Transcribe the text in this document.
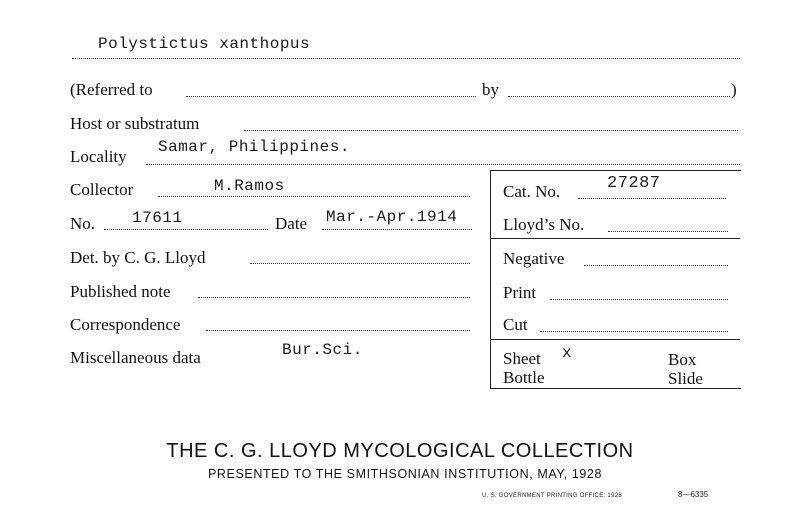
Polystictus xanthopus
(Referred to	by	)
Host or substratum
Locality Samar, Philippines.
Collector	M.Ramos
No. 17611	Date Mar.-Apr.1914
Det. by C. G. Lloyd
Published note
Correspondence
Miscellaneous data	Bur.Sci.
Cat. No.	27287
Lloyd’s No.
Negative
Print
Cut
Sheet x	Box
Bottle	Slide
THE C. G. LLOYD MYCOLOGICAL COLLECTION
PRESENTED TO THE SMITHSONIAN INSTITUTION, MAY, 1928
U. S. GOVERNMENT PRINTING OFFICE: 1928	8—6335
